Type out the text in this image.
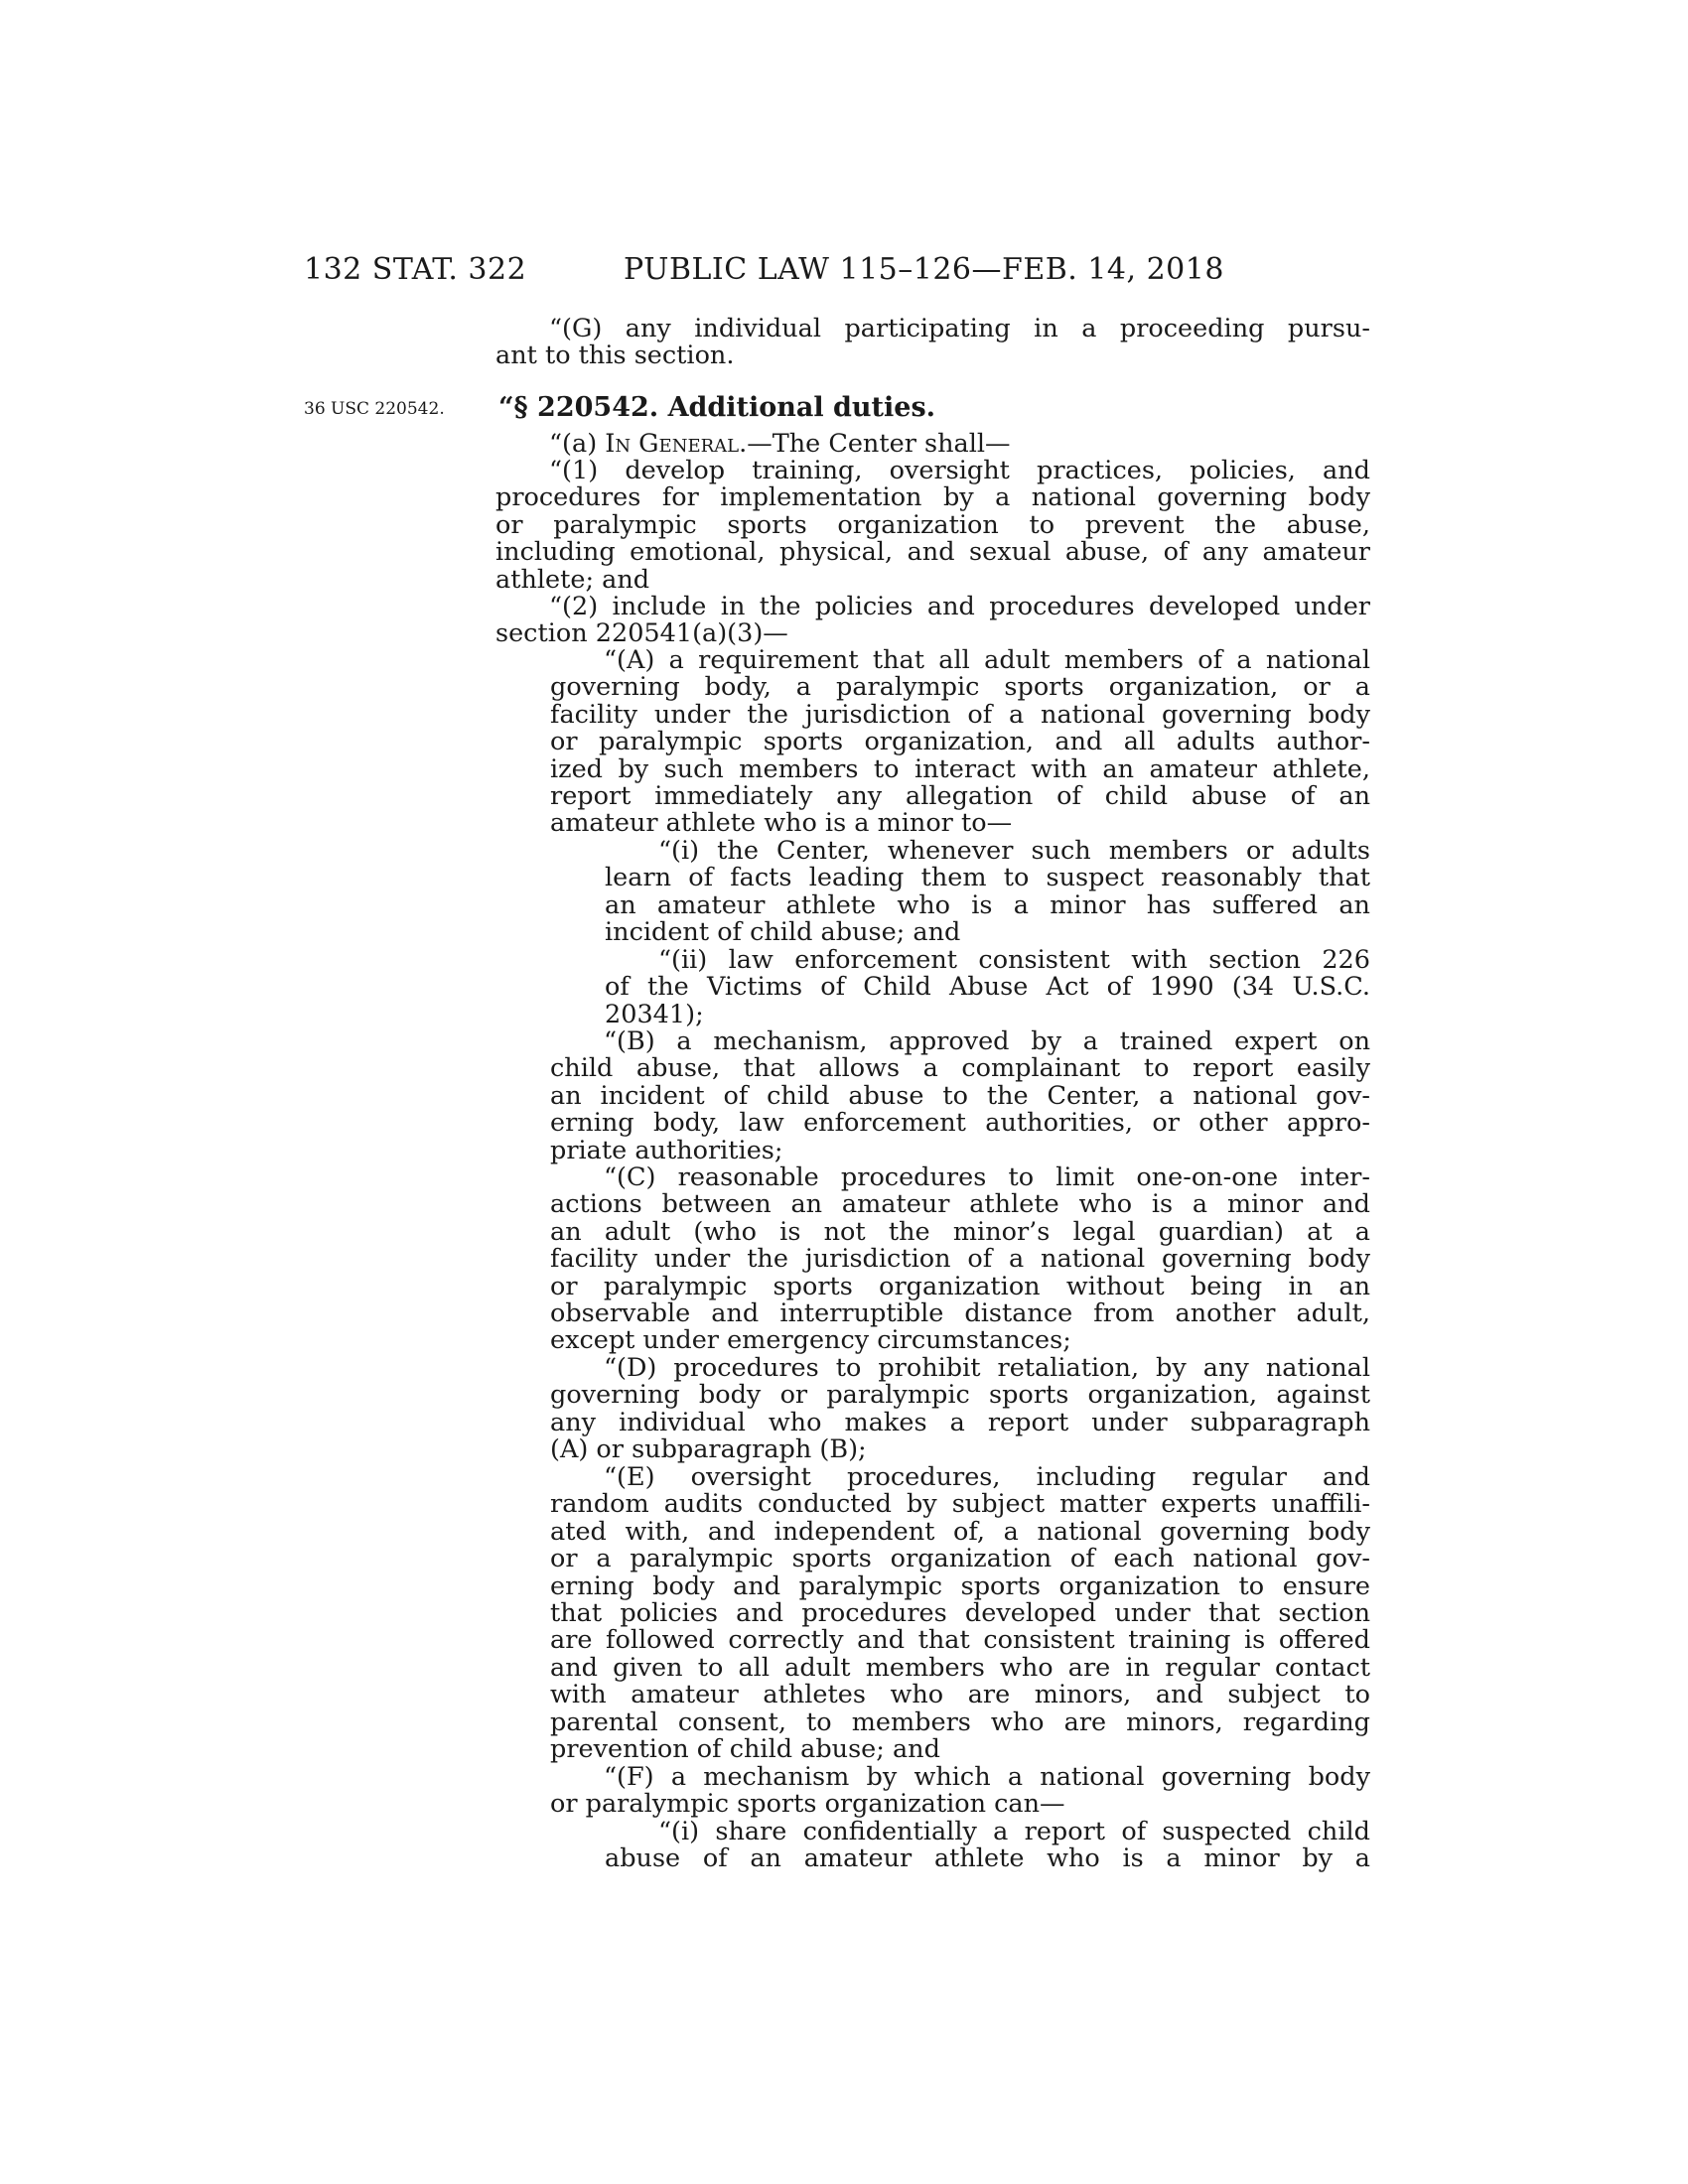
132 STAT. 322	PUBLIC LAW 115–126—FEB. 14, 2018
“(G) any individual participating in a proceeding pursu-
ant to this section.
36 USC 220542. “§ 220542. Additional duties.
“(a) In General.—The Center shall—
“(1) develop training, oversight practices, policies, and
procedures for implementation by a national governing body
or paralympic sports organization to prevent the abuse,
including emotional, physical, and sexual abuse, of any amateur
athlete; and
“(2) include in the policies and procedures developed under
section 220541(a)(3)—
“(A) a requirement that all adult members of a national
governing body, a paralympic sports organization, or a
facility under the jurisdiction of a national governing body
or paralympic sports organization, and all adults author-
ized by such members to interact with an amateur athlete,
report immediately any allegation of child abuse of an
amateur athlete who is a minor to—
“(i) the Center, whenever such members or adults
learn of facts leading them to suspect reasonably that
an amateur athlete who is a minor has suffered an
incident of child abuse; and
“(ii) law enforcement consistent with section 226
of the Victims of Child Abuse Act of 1990 (34 U.S.C.
20341);
“(B) a mechanism, approved by a trained expert on
child abuse, that allows a complainant to report easily
an incident of child abuse to the Center, a national gov-
erning body, law enforcement authorities, or other appro-
priate authorities;
“(C) reasonable procedures to limit one-on-one inter-
actions between an amateur athlete who is a minor and
an adult (who is not the minor’s legal guardian) at a
facility under the jurisdiction of a national governing body
or paralympic sports organization without being in an
observable and interruptible distance from another adult,
except under emergency circumstances;
“(D) procedures to prohibit retaliation, by any national
governing body or paralympic sports organization, against
any individual who makes a report under subparagraph
(A) or subparagraph (B);
“(E) oversight procedures, including regular and
random audits conducted by subject matter experts unaffili-
ated with, and independent of, a national governing body
or a paralympic sports organization of each national gov-
erning body and paralympic sports organization to ensure
that policies and procedures developed under that section
are followed correctly and that consistent training is offered
and given to all adult members who are in regular contact
with amateur athletes who are minors, and subject to
parental consent, to members who are minors, regarding
prevention of child abuse; and
“(F) a mechanism by which a national governing body
or paralympic sports organization can—
“(i) share confidentially a report of suspected child
abuse of an amateur athlete who is a minor by a
